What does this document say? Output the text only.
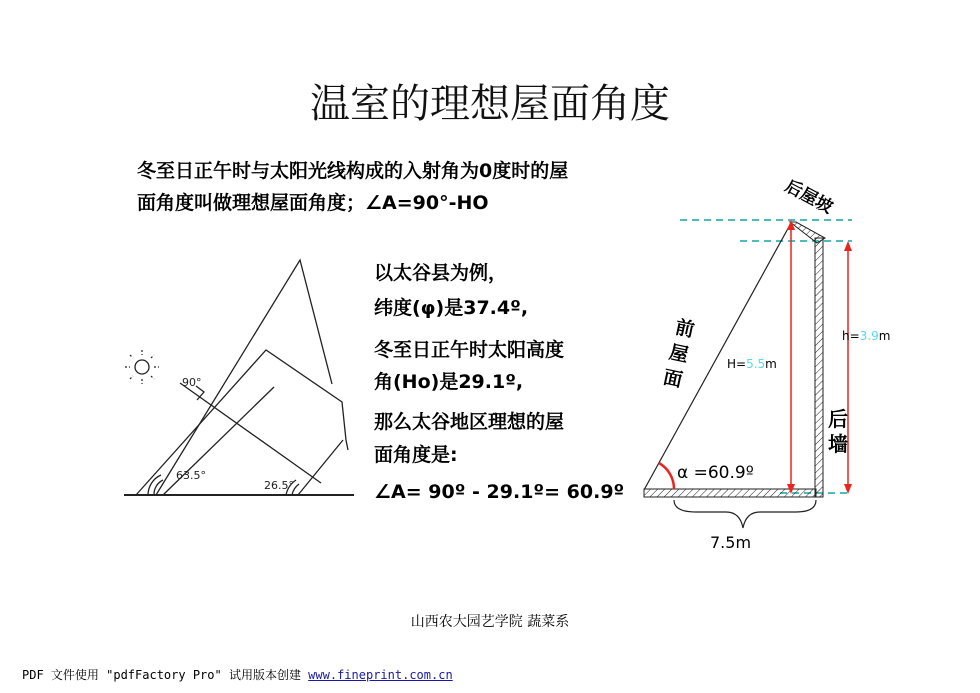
温室的理想屋面角度
冬至日正午时与太阳光线构成的入射角为0度时的屋
面角度叫做理想屋面角度；∠A=90°-HO
以太谷县为例，
纬度(φ)是37.4º,
冬至日正午时太阳高度
角(Ho)是29.1º,
那么太谷地区理想的屋
面角度是:
∠A= 90º - 29.1º= 60.9º
90°
63.5°
26.5°
后屋坡
前
屋
面
后
墙
H=5.5m
h=3.9m
α =60.9º
7.5m
山西农大园艺学院 蔬菜系
PDF 文件使用 "pdfFactory Pro" 试用版本创建 www.fineprint.com.cn
